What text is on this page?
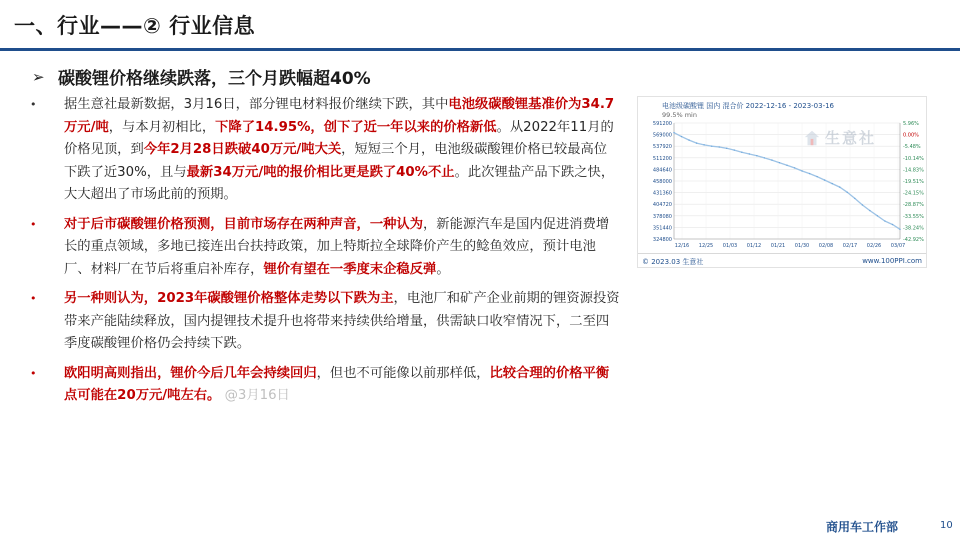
一、行业——② 行业信息
➢ 碳酸锂价格继续跌落，三个月跌幅超40%
• 据生意社最新数据，3月16日，部分锂电材料报价继续下跌，其中电池级碳酸锂基准价为34.7万元/吨，与本月初相比，下降了14.95%，创下了近一年以来的价格新低。从2022年11月的价格见顶，到今年2月28日跌破40万元/吨大关，短短三个月，电池级碳酸锂价格已较最高位下跌了近30%，且与最新34万元/吨的报价相比更是跌了40%不止。此次锂盐产品下跌之快，大大超出了市场此前的预期。
• 对于后市碳酸锂价格预测，目前市场存在两种声音，一种认为，新能源汽车是国内促进消费增长的重点领域，多地已接连出台扶持政策，加上特斯拉全球降价产生的鲶鱼效应，预计电池厂、材料厂在节后将重启补库存，锂价有望在一季度末企稳反弹。
• 另一种则认为，2023年碳酸锂价格整体走势以下跌为主，电池厂和矿产企业前期的锂资源投资带来产能陆续释放，国内提锂技术提升也将带来持续供给增量，供需缺口收窄情况下，二至四季度碳酸锂价格仍会持续下跌。
• 欧阳明高则指出，锂价今后几年会持续回归，但也不可能像以前那样低，比较合理的价格平衡点可能在20万元/吨左右。 @3月16日
591200	5.96%
569000	0.00%
537920	-5.48%
511200	-10.14%
484640	-14.83%
458000	-19.51%
431360	-24.15%
404720	-28.87%
378080	-33.55%
351440	-38.24%
324800	-42.92%
12/16 12/25 01/03 01/12 01/21 01/30 02/08 02/17 02/26 03/07
电池级碳酸锂 国内 混合价 2022-12-16 - 2023-03-16
99.5% min
生意社
© 2023.03 生意社	www.100PPI.com
商用车工作部	10
